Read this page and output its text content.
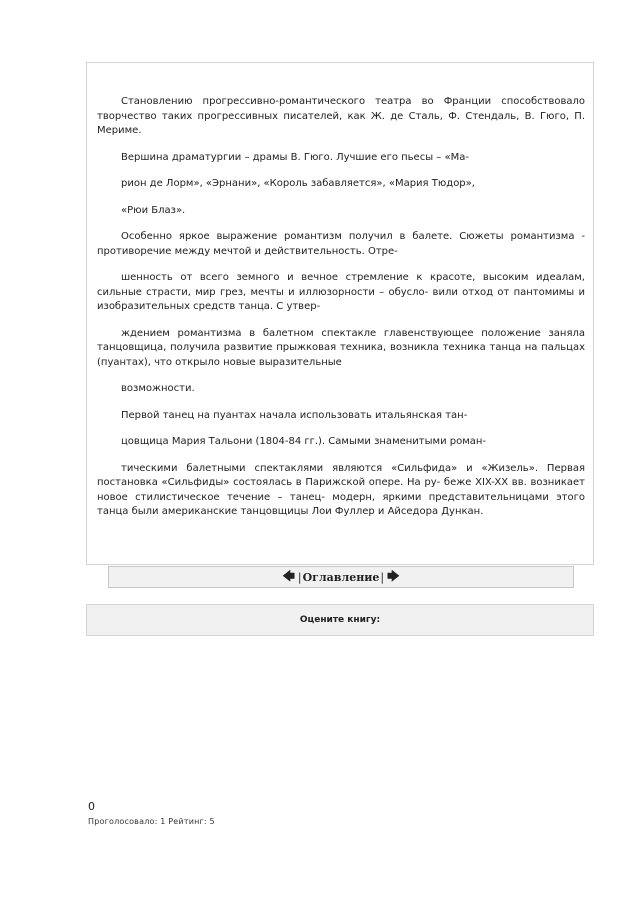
Становлению прогрессивно-романтического театра во Франции способствовало творчество таких прогрессивных писателей, как Ж. де Сталь, Ф. Стендаль, В. Гюго, П. Мериме.

Вершина драматургии – драмы В. Гюго. Лучшие его пьесы – «Ма-

рион де Лорм», «Эрнани», «Король забавляется», «Мария Тюдор»,

«Рюи Блаз».

Особенно яркое выражение романтизм получил в балете. Сюжеты романтизма - противоречие между мечтой и действительность. Отре-

шенность от всего земного и вечное стремление к красоте, высоким идеалам, сильные страсти, мир грез, мечты и иллюзорности – обусло- вили отход от пантомимы и изобразительных средств танца. С утвер-

ждением романтизма в балетном спектакле главенствующее положение заняла танцовщица, получила развитие прыжковая техника, возникла техника танца на пальцах (пуантах), что открыло новые выразительные

возможности.

Первой танец на пуантах начала использовать итальянская тан-

цовщица Мария Тальони (1804-84 гг.). Самыми знаменитыми роман-

тическими балетными спектаклями являются «Сильфида» и «Жизель». Первая постановка «Сильфиды» состоялась в Парижской опере. На ру- беже XIX-XX вв. возникает новое стилистическое течение – танец- модерн, яркими представительницами этого танца были американские танцовщицы Лои Фуллер и Айседора Дункан.

🡄 | Оглавление | 🡆
Оцените книгу:
0
Проголосовало: 1 Рейтинг: 5
